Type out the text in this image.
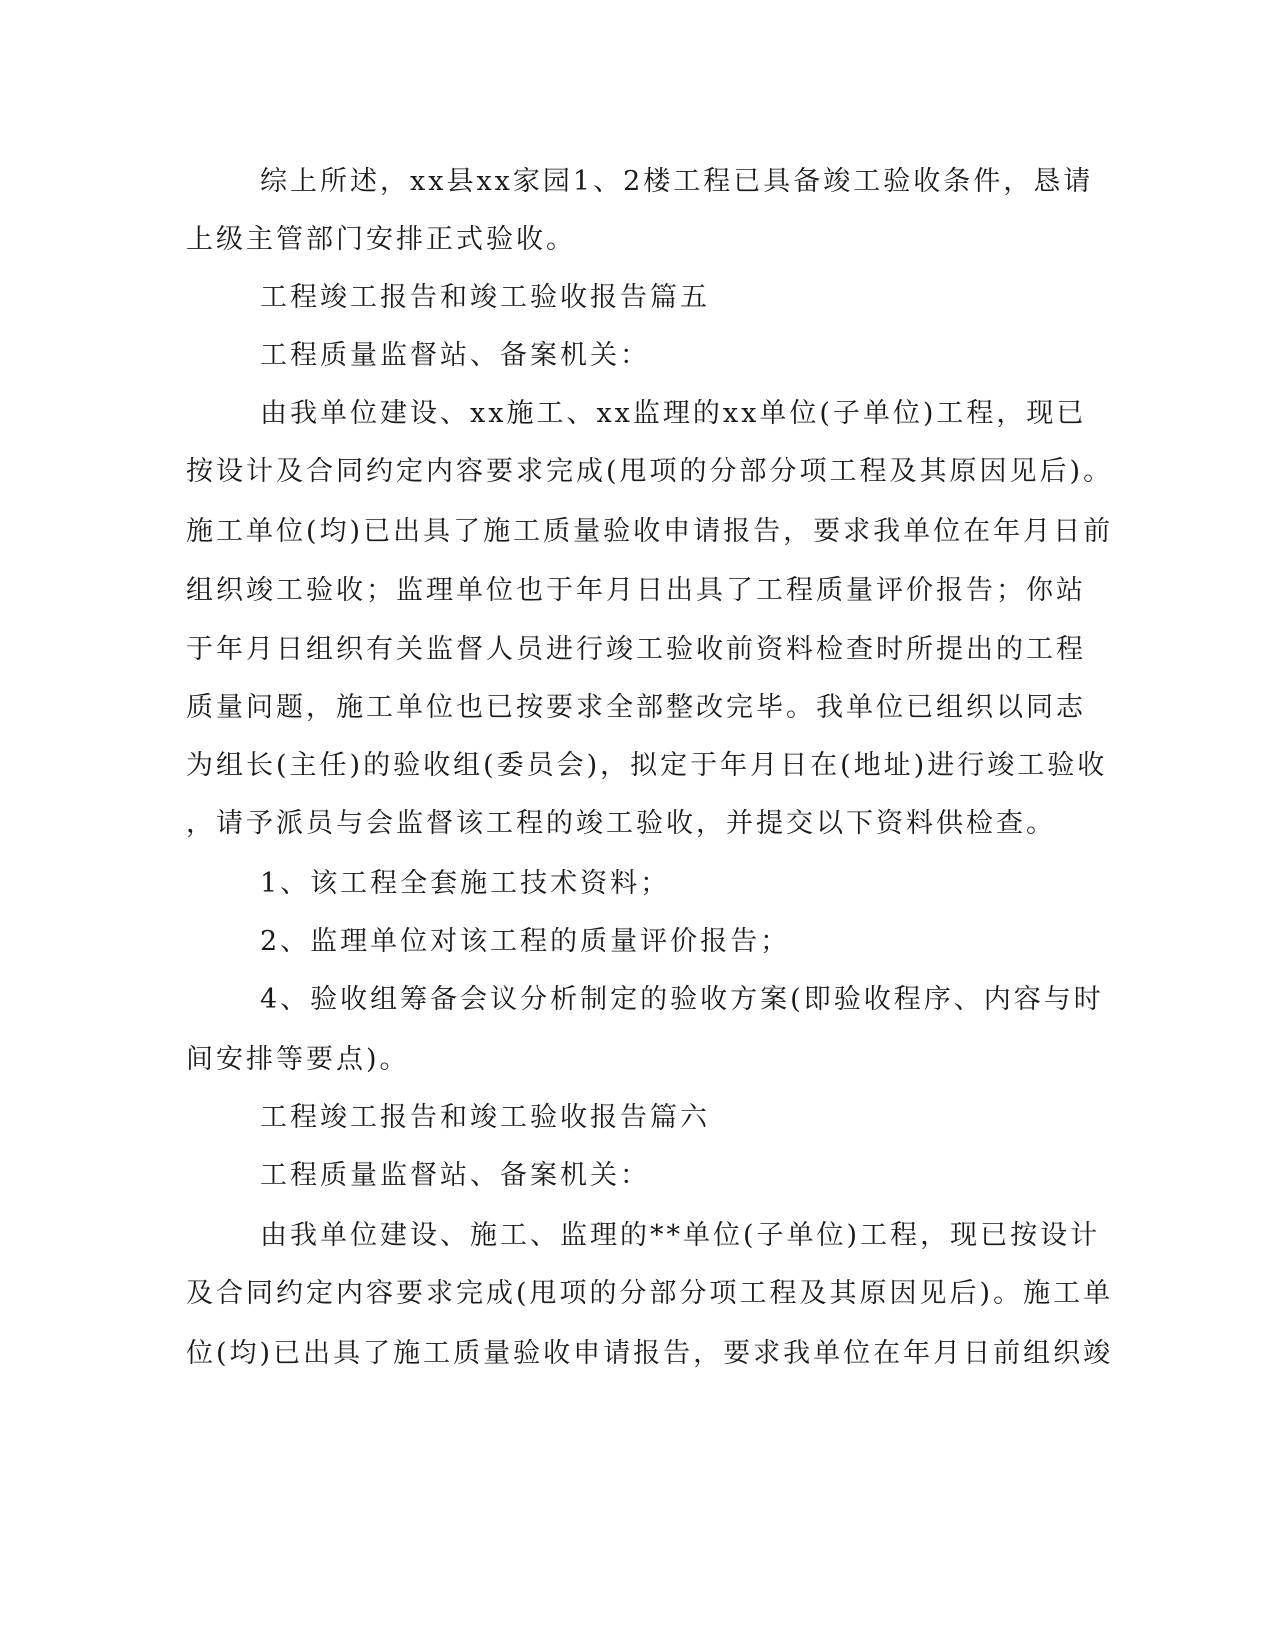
综上所述，xx县xx家园1、2楼工程已具备竣工验收条件，恳请

上级主管部门安排正式验收。

工程竣工报告和竣工验收报告篇五

工程质量监督站、备案机关：

由我单位建设、xx施工、xx监理的xx单位(子单位)工程，现已

按设计及合同约定内容要求完成(甩项的分部分项工程及其原因见后)。

施工单位(均)已出具了施工质量验收申请报告，要求我单位在年月日前

组织竣工验收；监理单位也于年月日出具了工程质量评价报告；你站

于年月日组织有关监督人员进行竣工验收前资料检查时所提出的工程

质量问题，施工单位也已按要求全部整改完毕。我单位已组织以同志

为组长(主任)的验收组(委员会)，拟定于年月日在(地址)进行竣工验收

，请予派员与会监督该工程的竣工验收，并提交以下资料供检查。

1、该工程全套施工技术资料；

2、监理单位对该工程的质量评价报告；

4、验收组筹备会议分析制定的验收方案(即验收程序、内容与时

间安排等要点)。

工程竣工报告和竣工验收报告篇六

工程质量监督站、备案机关：

由我单位建设、施工、监理的**单位(子单位)工程，现已按设计

及合同约定内容要求完成(甩项的分部分项工程及其原因见后)。施工单

位(均)已出具了施工质量验收申请报告，要求我单位在年月日前组织竣
